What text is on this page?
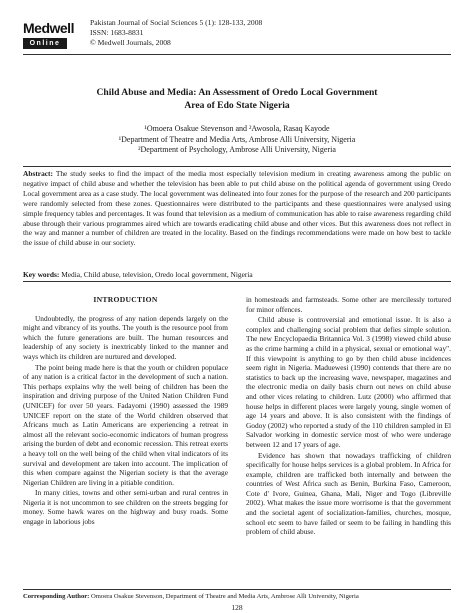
Medwell
Online
Pakistan Journal of Social Sciences 5 (1): 128-133, 2008
ISSN: 1683-8831
© Medwell Journals, 2008
Child Abuse and Media: An Assessment of Oredo Local Government
Area of Edo State Nigeria
¹Omoera Osakue Stevenson and ²Awosola, Rasaq Kayode
¹Department of Theatre and Media Arts, Ambrose Alli University, Nigeria
²Department of Psychology, Ambrose Alli University, Nigeria
Abstract: The study seeks to find the impact of the media most especially television medium in creating awareness among the public on negative impact of child abuse and whether the television has been able to put child abuse on the political agenda of government using Oredo Local government area as a case study. The local government was delineated into four zones for the purpose of the research and 200 participants were randomly selected from these zones. Questionnaires were distributed to the participants and these questionnaires were analysed using simple frequency tables and percentages. It was found that television as a medium of communication has able to raise awareness regarding child abuse through their various programmes aired which are towards eradicating child abuse and other vices. But this awareness does not reflect in the way and manner a number of children are treated in the locality. Based on the findings recommendations were made on how best to tackle the issue of child abuse in our society.
Key words: Media, Child abuse, television, Oredo local government, Nigeria
INTRODUCTION

Undoubtedly, the progress of any nation depends largely on the might and vibrancy of its youths. The youth is the resource pool from which the future generations are built. The human resources and leadership of any society is inextricably linked to the manner and ways which its children are nurtured and developed.

The point being made here is that the youth or children populace of any nation is a critical factor in the development of such a nation. This perhaps explains why the well being of children has been the inspiration and driving purpose of the United Nation Children Fund (UNICEF) for over 50 years. Fadayomi (1990) assessed the 1989 UNICEF report on the state of the World children observed that Africans much as Latin Americans are experiencing a retreat in almost all the relevant socio-economic indicators of human progress arising the burden of debt and economic recession. This retreat exerts a heavy toll on the well being of the child when vital indicators of its survival and development are taken into account. The implication of this when compare against the Nigerian society is that the average Nigerian Children are living in a pitiable condition.

In many cities, towns and other semi-urban and rural centres in Nigeria it is not uncommon to see children on the streets begging for money. Some hawk wares on the highway and busy roads. Some engage in laborious jobs

in homesteads and farmsteads. Some other are mercilessly tortured for minor offences.

Child abuse is controversial and emotional issue. It is also a complex and challenging social problem that defies simple solution. The new Encyclopaedia Britannica Vol. 3 (1998) viewed child abuse as the crime harming a child in a physical, sexual or emotional way". If this viewpoint is anything to go by then child abuse incidences seem right in Nigeria. Maduewesi (1990) contends that there are no statistics to back up the increasing wave, newspaper, magazines and the electronic media on daily basis churn out news on child abuse and other vices relating to children. Lutz (2000) who affirmed that house helps in different places were largely young, single women of age 14 years and above. It is also consistent with the findings of Godoy (2002) who reported a study of the 110 children sampled in El Salvador working in domestic service most of who were underage between 12 and 17 years of age.

Evidence has shown that nowadays trafficking of children specifically for house helps services is a global problem. In Africa for example, children are trafficked both internally and between the countries of West Africa such as Benin, Burkina Faso, Cameroon, Cote d' Ivore, Guinea, Ghana, Mali, Niger and Togo (Libreville 2002). What makes the issue more worrisome is that the government and the societal agent of socialization-families, churches, mosque, school etc seem to have failed or seem to be failing in handling this problem of child abuse.

Corresponding Author: Omoera Osakue Stevenson, Department of Theatre and Media Arts, Ambrose Alli University, Nigeria
128
